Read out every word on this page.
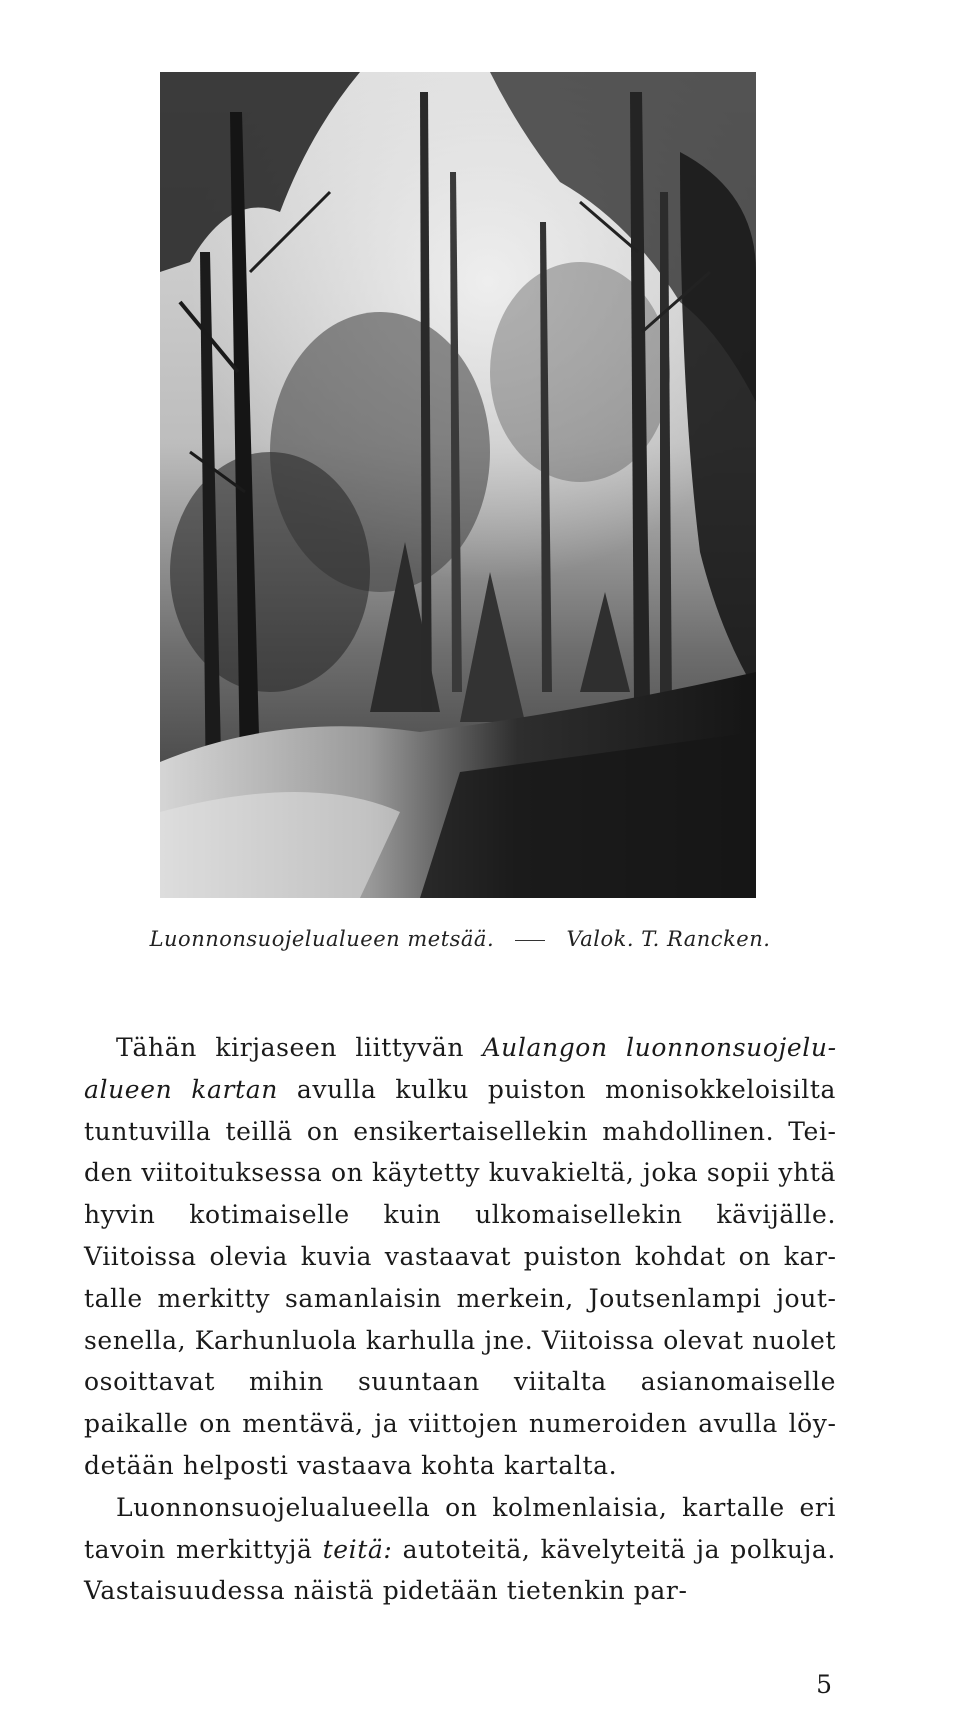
Luonnonsuojelualueen metsää.	Valok. T. Rancken.

Tähän kirjaseen liittyvän Aulangon luonnonsuojelualueen kartan avulla kulku puiston monisokkeloisilta tuntuvilla teillä on ensikertaisellekin mahdollinen. Teiden viitoituksessa on käytetty kuvakieltä, joka sopii yhtä hyvin kotimaiselle kuin ulkomaisellekin kävijälle. Viitoissa olevia kuvia vastaavat puiston kohdat on kartalle merkitty samanlaisin merkein, Joutsenlampi joutsenella, Karhunluola karhulla jne. Viitoissa olevat nuolet osoittavat mihin suuntaan viitalta asianomaiselle paikalle on mentävä, ja viittojen numeroiden avulla löydetään helposti vastaava kohta kartalta.

Luonnonsuojelualueella on kolmenlaisia, kartalle eri tavoin merkittyjä teitä: autoteitä, kävelyteitä ja polkuja. Vastaisuudessa näistä pidetään tietenkin par-

5
